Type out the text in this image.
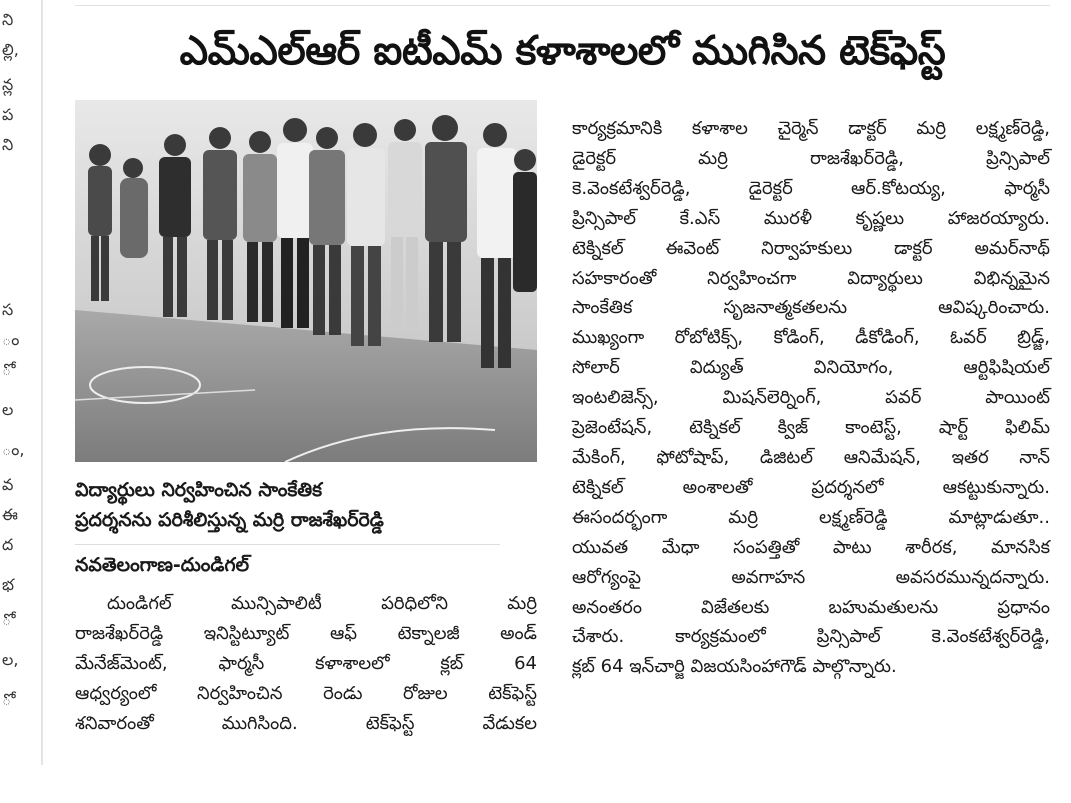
ని
ల్లి,
న్ల
ప
ని
స
ం
ో
ల
ం,
వ
ఈ
ద
భ
ో
ల,
ో
ఎమ్ఎల్ఆర్ ఐటీఎమ్ కళాశాలలో ముగిసిన టెక్‌ఫెస్ట్
విద్యార్థులు నిర్వహించిన సాంకేతిక
ప్రదర్శనను పరిశీలిస్తున్న మర్రి రాజశేఖర్‌రెడ్డి
నవతెలంగాణ-దుండిగల్
దుండిగల్ మున్సిపాలిటీ పరిధిలోని మర్రి
రాజశేఖర్‌రెడ్డి ఇనిస్టిట్యూట్ ఆఫ్ టెక్నాలజీ అండ్
మేనేజ్‌మెంట్, ఫార్మసీ కళాశాలలో క్లబ్ 64
ఆధ్వర్యంలో నిర్వహించిన రెండు రోజుల టెక్‌ఫెస్ట్
శనివారంతో ముగిసింది. టెక్‌ఫెస్ట్ వేడుకల
కార్యక్రమానికి కళాశాల చైర్మెన్ డాక్టర్ మర్రి లక్ష్మణ్‌రెడ్డి,
డైరెక్టర్ మర్రి రాజశేఖర్‌రెడ్డి, ప్రిన్సిపాల్
కె.వెంకటేశ్వర్‌రెడ్డి, డైరెక్టర్ ఆర్.కోటయ్య, ఫార్మసీ
ప్రిన్సిపాల్ కే.ఎస్ మురళీ కృష్ణలు హాజరయ్యారు.
టెక్నికల్ ఈవెంట్ నిర్వాహకులు డాక్టర్ అమర్‌నాథ్
సహకారంతో నిర్వహించగా విద్యార్థులు విభిన్నమైన
సాంకేతిక సృజనాత్మకతలను ఆవిష్కరించారు.
ముఖ్యంగా రోబోటిక్స్, కోడింగ్, డీకోడింగ్, ఓవర్ బ్రిడ్జ్,
సోలార్ విద్యుత్ వినియోగం, ఆర్టిఫిషియల్
ఇంటలిజెన్స్, మిషన్‌లెర్నింగ్, పవర్ పాయింట్
ప్రెజెంటేషన్, టెక్నికల్ క్విజ్ కాంటెస్ట్, షార్ట్ ఫిలిమ్
మేకింగ్, ఫోటోషాప్, డిజిటల్ ఆనిమేషన్, ఇతర నాన్
టెక్నికల్ అంశాలతో ప్రదర్శనలో ఆకట్టుకున్నారు.
ఈసందర్భంగా మర్రి లక్ష్మణ్‌రెడ్డి మాట్లాడుతూ..
యువత మేధా సంపత్తితో పాటు శారీరక, మానసిక
ఆరోగ్యంపై అవగాహన అవసరమున్నదన్నారు.
అనంతరం విజేతలకు బహుమతులను ప్రధానం
చేశారు. కార్యక్రమంలో ప్రిన్సిపాల్ కె.వెంకటేశ్వర్‌రెడ్డి,
క్లబ్ 64 ఇన్‌చార్జి విజయసింహాగౌడ్ పాల్గొన్నారు.
